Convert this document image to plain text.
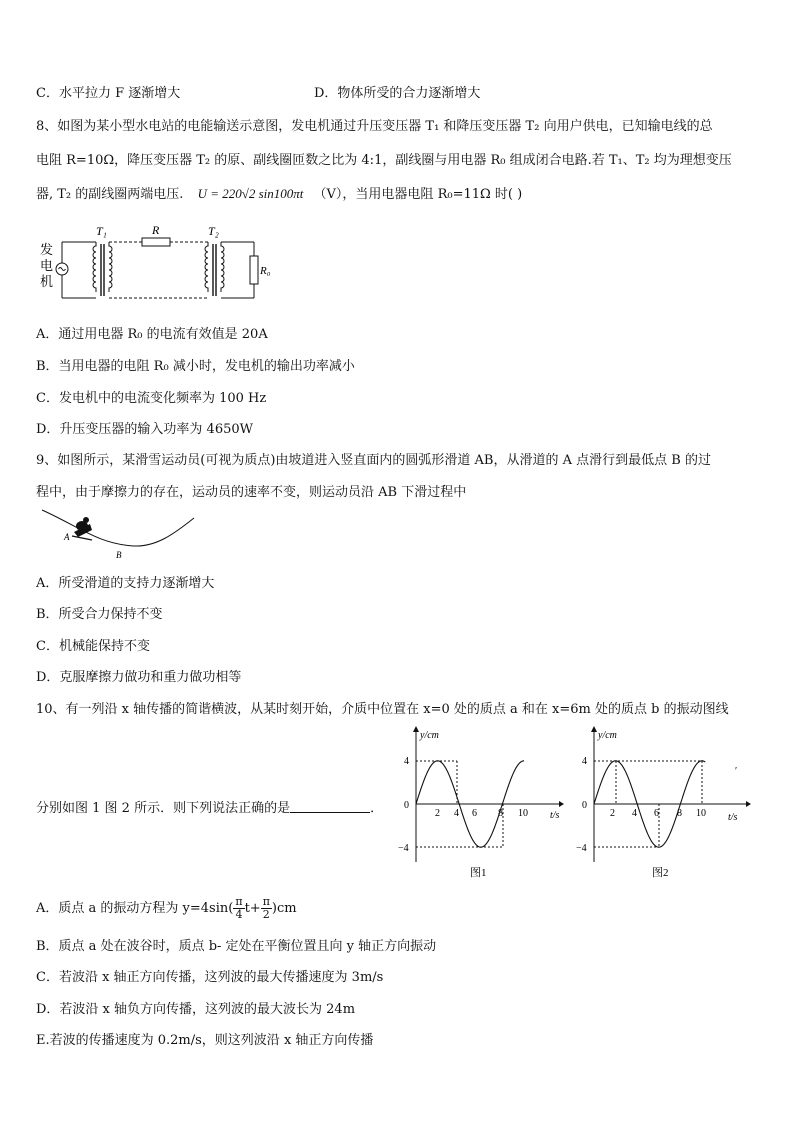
C．水平拉力 F 逐渐增大	D．物体所受的合力逐渐增大
8、如图为某小型水电站的电能输送示意图，发电机通过升压变压器 T₁ 和降压变压器 T₂ 向用户供电，已知输电线的总
电阻 R=10Ω，降压变压器 T₂ 的原、副线圈匝数之比为 4:1，副线圈与用电器 R₀ 组成闭合电路.若 T₁、T₂ 均为理想变压
器, T₂ 的副线圈两端电压. U = 220√2 sin100πt （V），当用电器电阻 R₀=11Ω 时( )
发
电
机
T₁	R	T₂
R₀
A．通过用电器 R₀ 的电流有效值是 20A
B．当用电器的电阻 R₀ 减小时，发电机的输出功率减小
C．发电机中的电流变化频率为 100 Hz
D．升压变压器的输入功率为 4650W
9、如图所示，某滑雪运动员(可视为质点)由坡道进入竖直面内的圆弧形滑道 AB，从滑道的 A 点滑行到最低点 B 的过
程中，由于摩擦力的存在，运动员的速率不变，则运动员沿 AB 下滑过程中
A
B
A．所受滑道的支持力逐渐增大
B．所受合力保持不变
C．机械能保持不变
D．克服摩擦力做功和重力做功相等
10、有一列沿 x 轴传播的简谐横波，从某时刻开始，介质中位置在 x=0 处的质点 a 和在 x=6m 处的质点 b 的振动图线
分别如图 1 图 2 所示．则下列说法正确的是	．
y/cm
t/s
4
0
−4
2 4 6 8 10
图1
y/cm
t/s
4
0
−4
2 4 6 8 10
′
图2
A．质点 a 的振动方程为 $y=4\sin( \frac{\pi}{4} t+ \frac{\pi}{2} )cm$
B．质点 a 处在波谷时，质点 b- 定处在平衡位置且向 y 轴正方向振动
C．若波沿 x 轴正方向传播，这列波的最大传播速度为 3m/s
D．若波沿 x 轴负方向传播，这列波的最大波长为 24m
E.若波的传播速度为 0.2m/s，则这列波沿 x 轴正方向传播
